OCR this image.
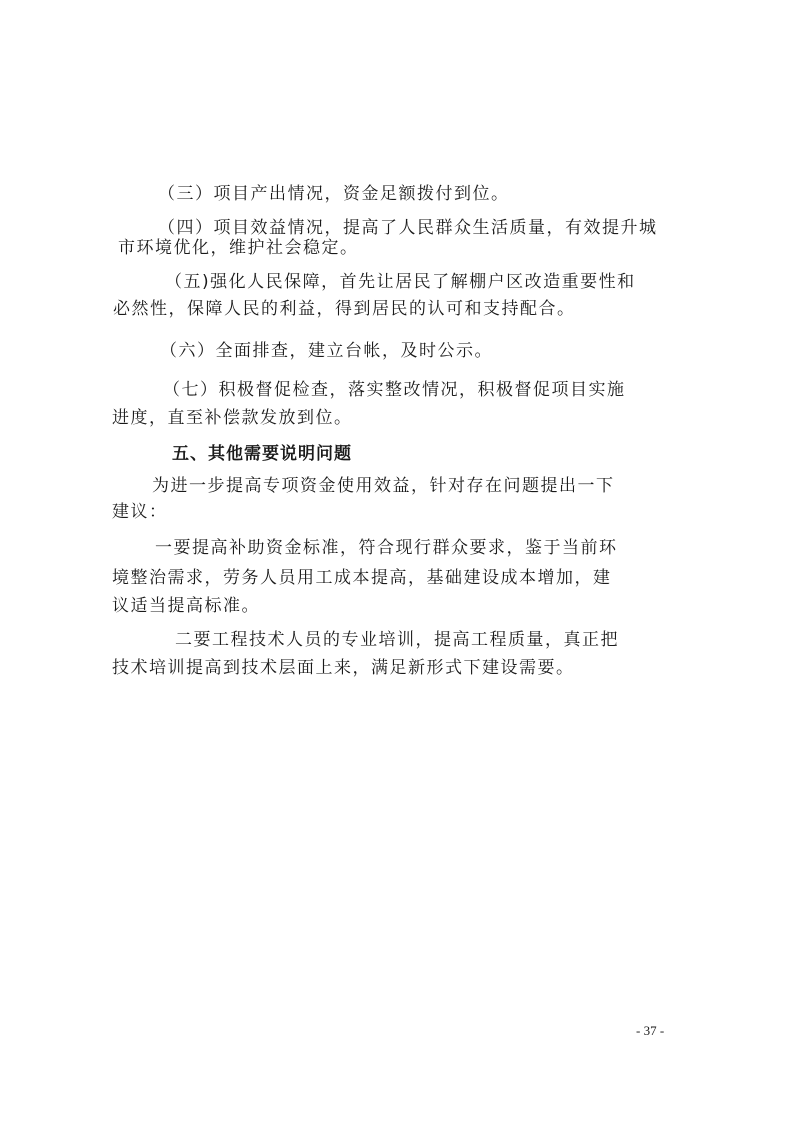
（三）项目产出情况，资金足额拨付到位。
（四）项目效益情况，提高了人民群众生活质量，有效提升城
市环境优化，维护社会稳定。
（五)强化人民保障，首先让居民了解棚户区改造重要性和
必然性，保障人民的利益，得到居民的认可和支持配合。
（六）全面排查，建立台帐，及时公示。
（七）积极督促检查，落实整改情况，积极督促项目实施
进度，直至补偿款发放到位。
五、其他需要说明问题
为进一步提高专项资金使用效益，针对存在问题提出一下
建议：
一要提高补助资金标准，符合现行群众要求，鉴于当前环
境整治需求，劳务人员用工成本提高，基础建设成本增加，建
议适当提高标准。
二要工程技术人员的专业培训，提高工程质量，真正把
技术培训提高到技术层面上来，满足新形式下建设需要。
- 37 -
